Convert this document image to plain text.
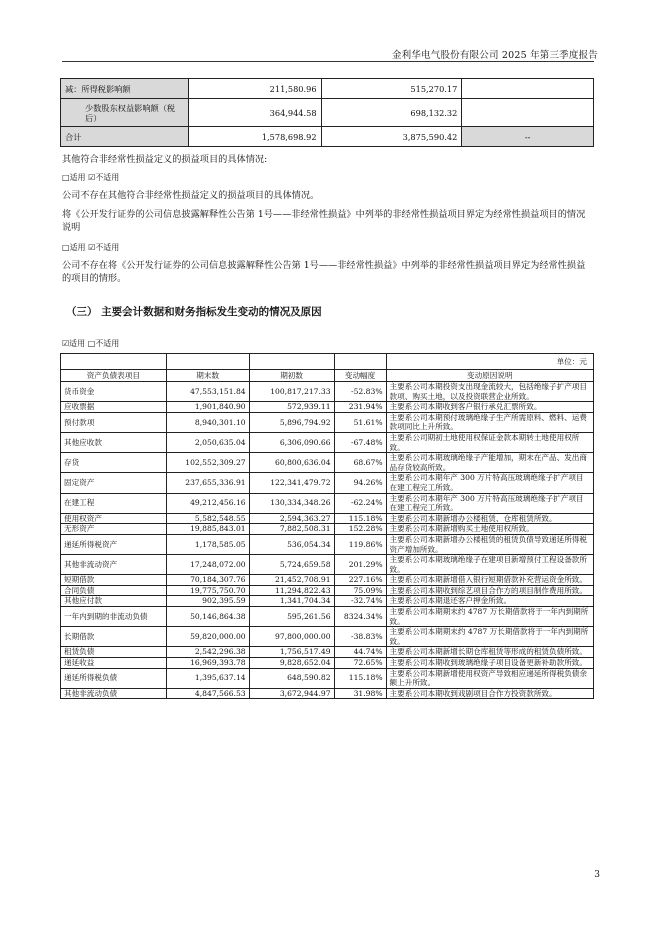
金利华电气股份有限公司 2025 年第三季度报告
减：所得税影响额	211,580.96	515,270.17	
少数股东权益影响额（税后）	364,944.58	698,132.32	
合计	1,578,698.92	3,875,590.42	--
其他符合非经常性损益定义的损益项目的具体情况:
□适用 ☑不适用
公司不存在其他符合非经常性损益定义的损益项目的具体情况。
将《公开发行证券的公司信息披露解释性公告第 1号——非经常性损益》中列举的非经常性损益项目界定为经常性损益项目的情况说明
□适用 ☑不适用
公司不存在将《公开发行证券的公司信息披露解释性公告第 1号——非经常性损益》中列举的非经常性损益项目界定为经常性损益的项目的情形。
（三） 主要会计数据和财务指标发生变动的情况及原因
☑适用 □不适用
				单位：元
资产负债表项目	期末数	期初数	变动幅度	变动原因说明
货币资金	47,553,151.84	100,817,217.33	-52.83%	主要系公司本期投资支出现金流较大，包括绝缘子扩产项目款项、购买土地，以及投资联营企业所致。
应收票据	1,901,840.90	572,939.11	231.94%	主要系公司本期收到客户银行承兑汇票所致。
预付款项	8,940,301.10	5,896,794.92	51.61%	主要系公司本期预付玻璃绝缘子生产所需原料、燃料、运费款项同比上升所致。
其他应收款	2,050,635.04	6,306,090.66	-67.48%	主要系公司期初土地使用权保证金款本期转土地使用权所致。
存货	102,552,309.27	60,800,636.04	68.67%	主要系公司本期玻璃绝缘子产能增加，期末在产品、发出商品存货较高所致。
固定资产	237,655,336.91	122,341,479.72	94.26%	主要系公司本期年产 300 万片特高压玻璃绝缘子扩产项目在建工程完工所致。
在建工程	49,212,456.16	130,334,348.26	-62.24%	主要系公司本期年产 300 万片特高压玻璃绝缘子扩产项目在建工程完工所致。
使用权资产	5,582,548.55	2,594,363.27	115.18%	主要系公司本期新增办公楼租赁、仓库租赁所致。
无形资产	19,885,843.01	7,882,508.31	152.28%	主要系公司本期新增购买土地使用权所致。
递延所得税资产	1,178,585.05	536,054.34	119.86%	主要系公司本期新增办公楼租赁的租赁负债导致递延所得税资产增加所致。
其他非流动资产	17,248,072.00	5,724,659.58	201.29%	主要系公司本期玻璃绝缘子在建项目新增预付工程设备款所致。
短期借款	70,184,307.76	21,452,708.91	227.16%	主要系公司本期新增借入银行短期借款补充营运资金所致。
合同负债	19,775,750.70	11,294,822.43	75.09%	主要系公司本期收到综艺项目合作方的项目制作费用所致。
其他应付款	902,395.59	1,341,704.34	-32.74%	主要系公司本期退还客户押金所致。
一年内到期的非流动负债	50,146,864.38	595,261.56	8324.34%	主要系公司本期期末约 4787 万长期借款将于一年内到期所致。
长期借款	59,820,000.00	97,800,000.00	-38.83%	主要系公司本期期末约 4787 万长期借款将于一年内到期所致。
租赁负债	2,542,296.38	1,756,517.49	44.74%	主要系公司本期新增长期仓库租赁等形成的租赁负债所致。
递延收益	16,969,393.78	9,828,652.04	72.65%	主要系公司本期收到玻璃绝缘子项目设备更新补助款所致。
递延所得税负债	1,395,637.14	648,590.82	115.18%	主要系公司本期新增使用权资产导致相应递延所得税负债余额上升所致。
其他非流动负债	4,847,566.53	3,672,944.97	31.98%	主要系公司本期收到戏剧项目合作方投资款所致。
3
